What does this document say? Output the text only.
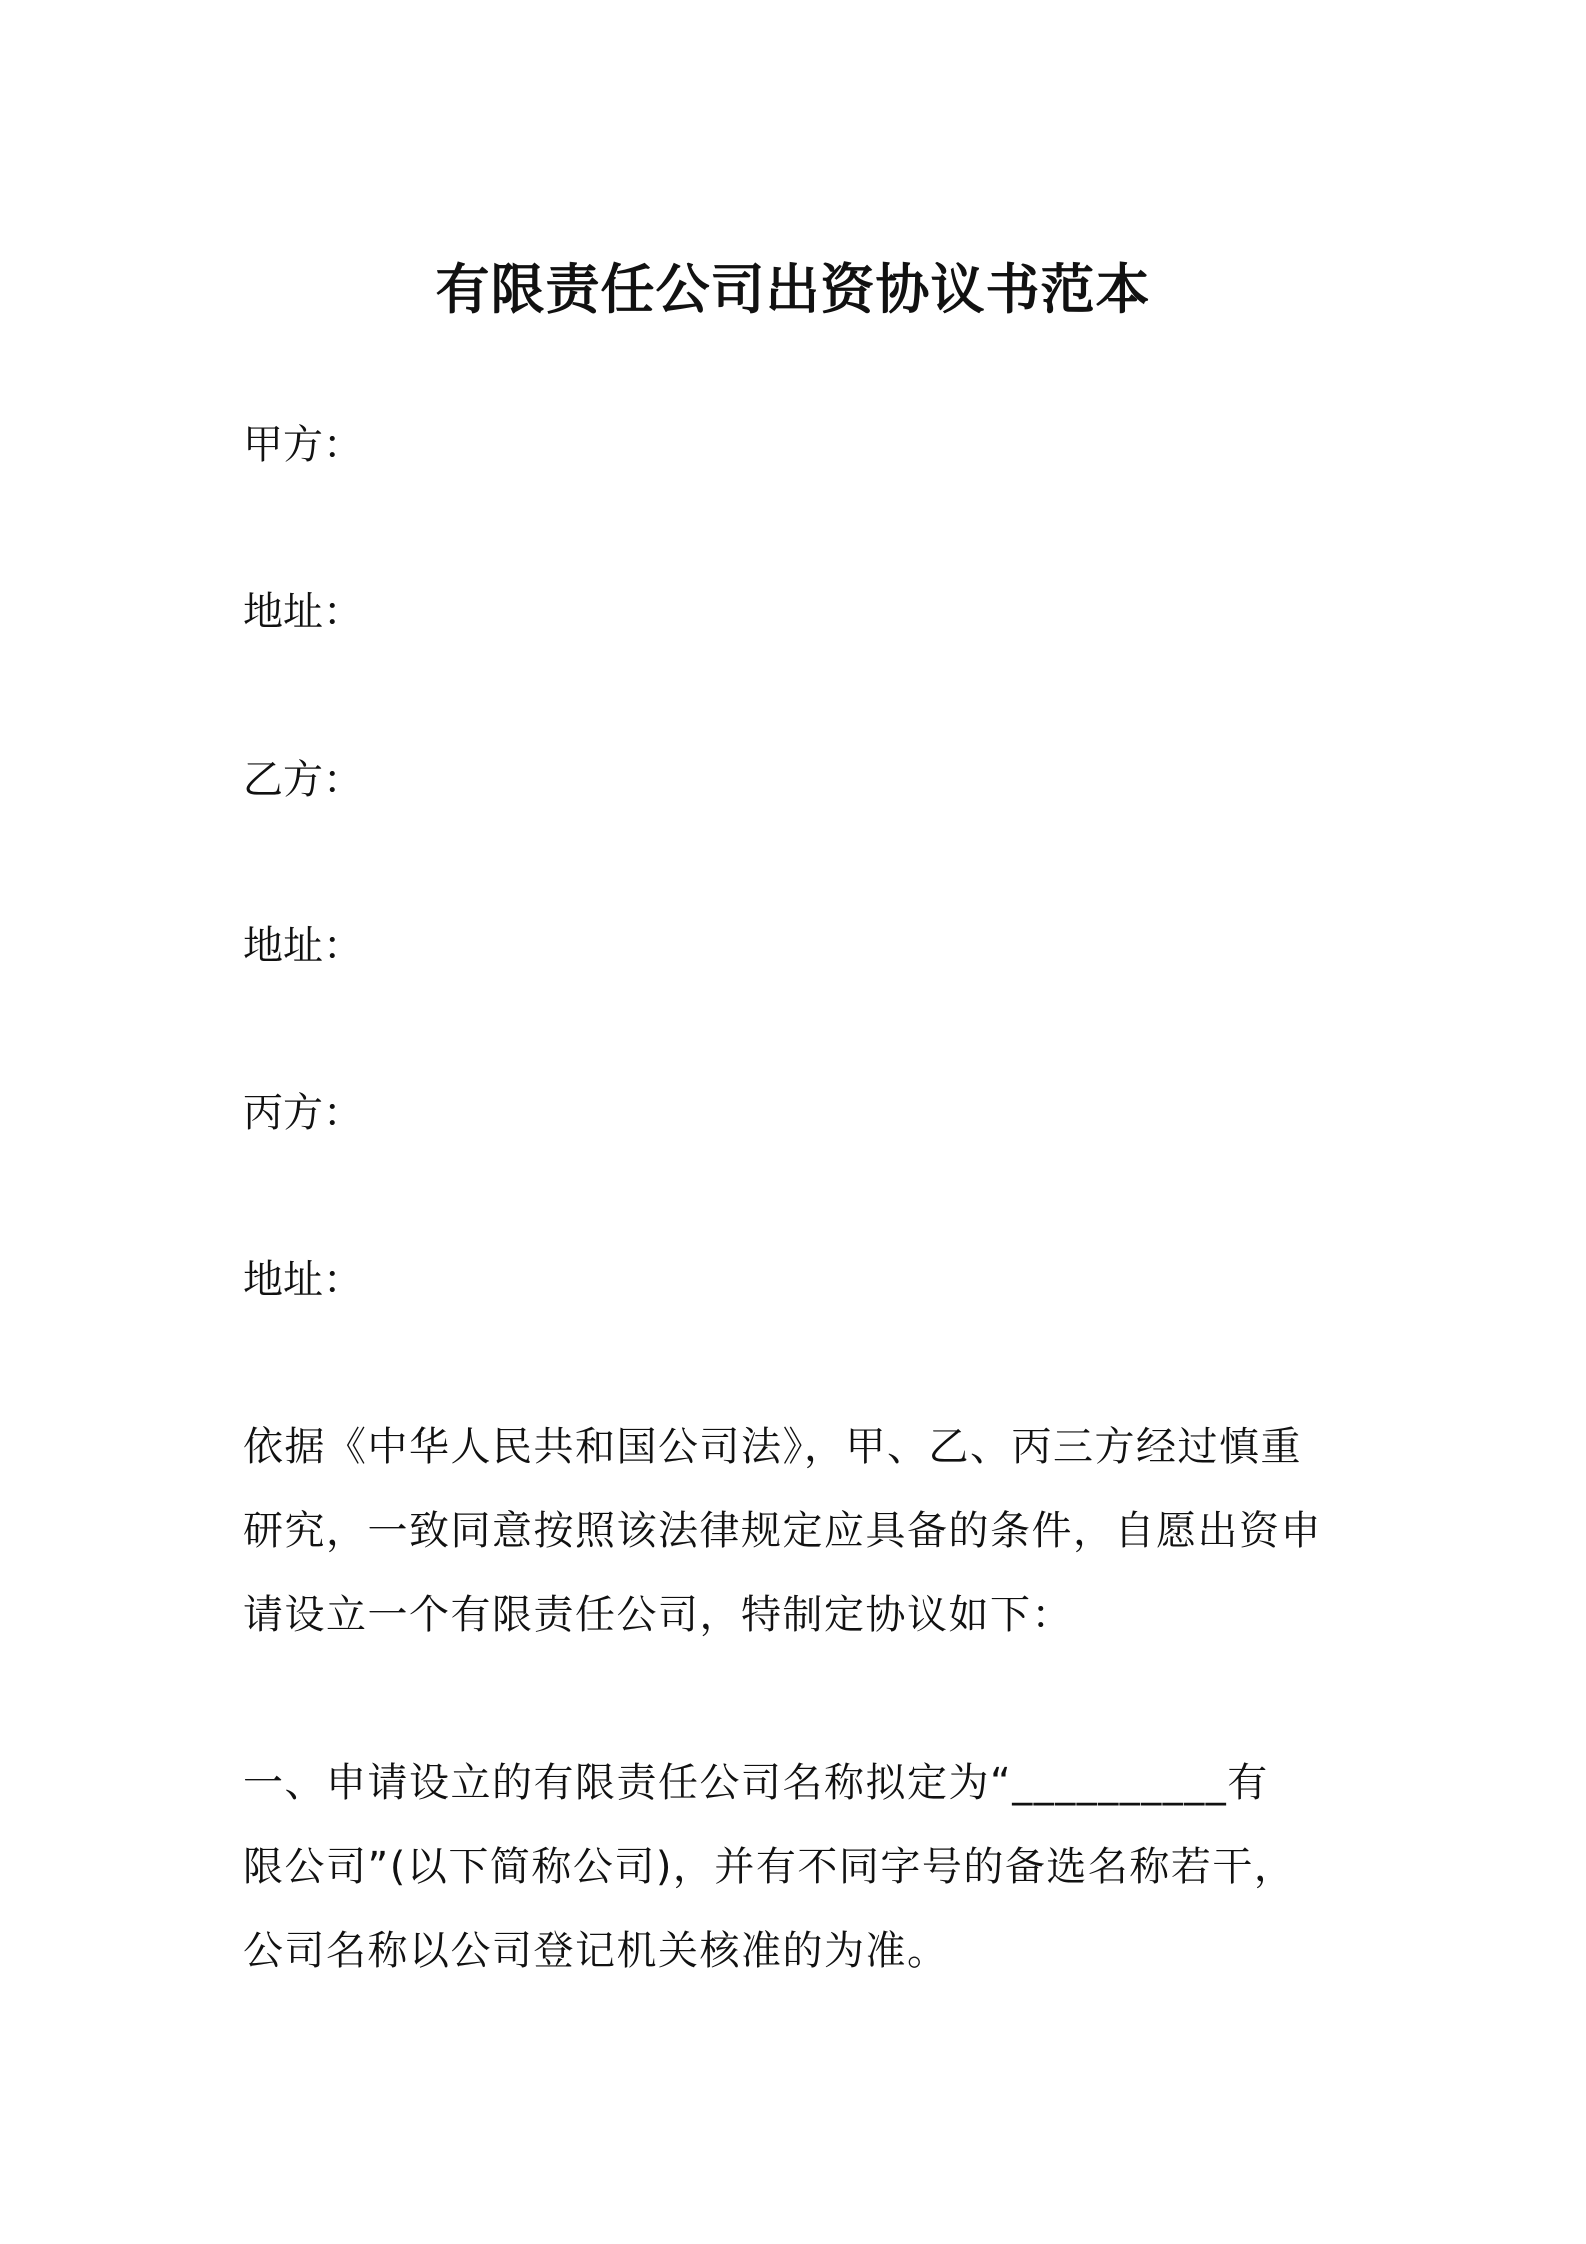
有限责任公司出资协议书范本

甲方：

地址：

乙方：

地址：

丙方：

地址：

依据《中华人民共和国公司法》，甲、乙、丙三方经过慎重
研究，一致同意按照该法律规定应具备的条件，自愿出资申
请设立一个有限责任公司，特制定协议如下：
一、申请设立的有限责任公司名称拟定为“__________有
限公司”(以下简称公司)，并有不同字号的备选名称若干，
公司名称以公司登记机关核准的为准。
